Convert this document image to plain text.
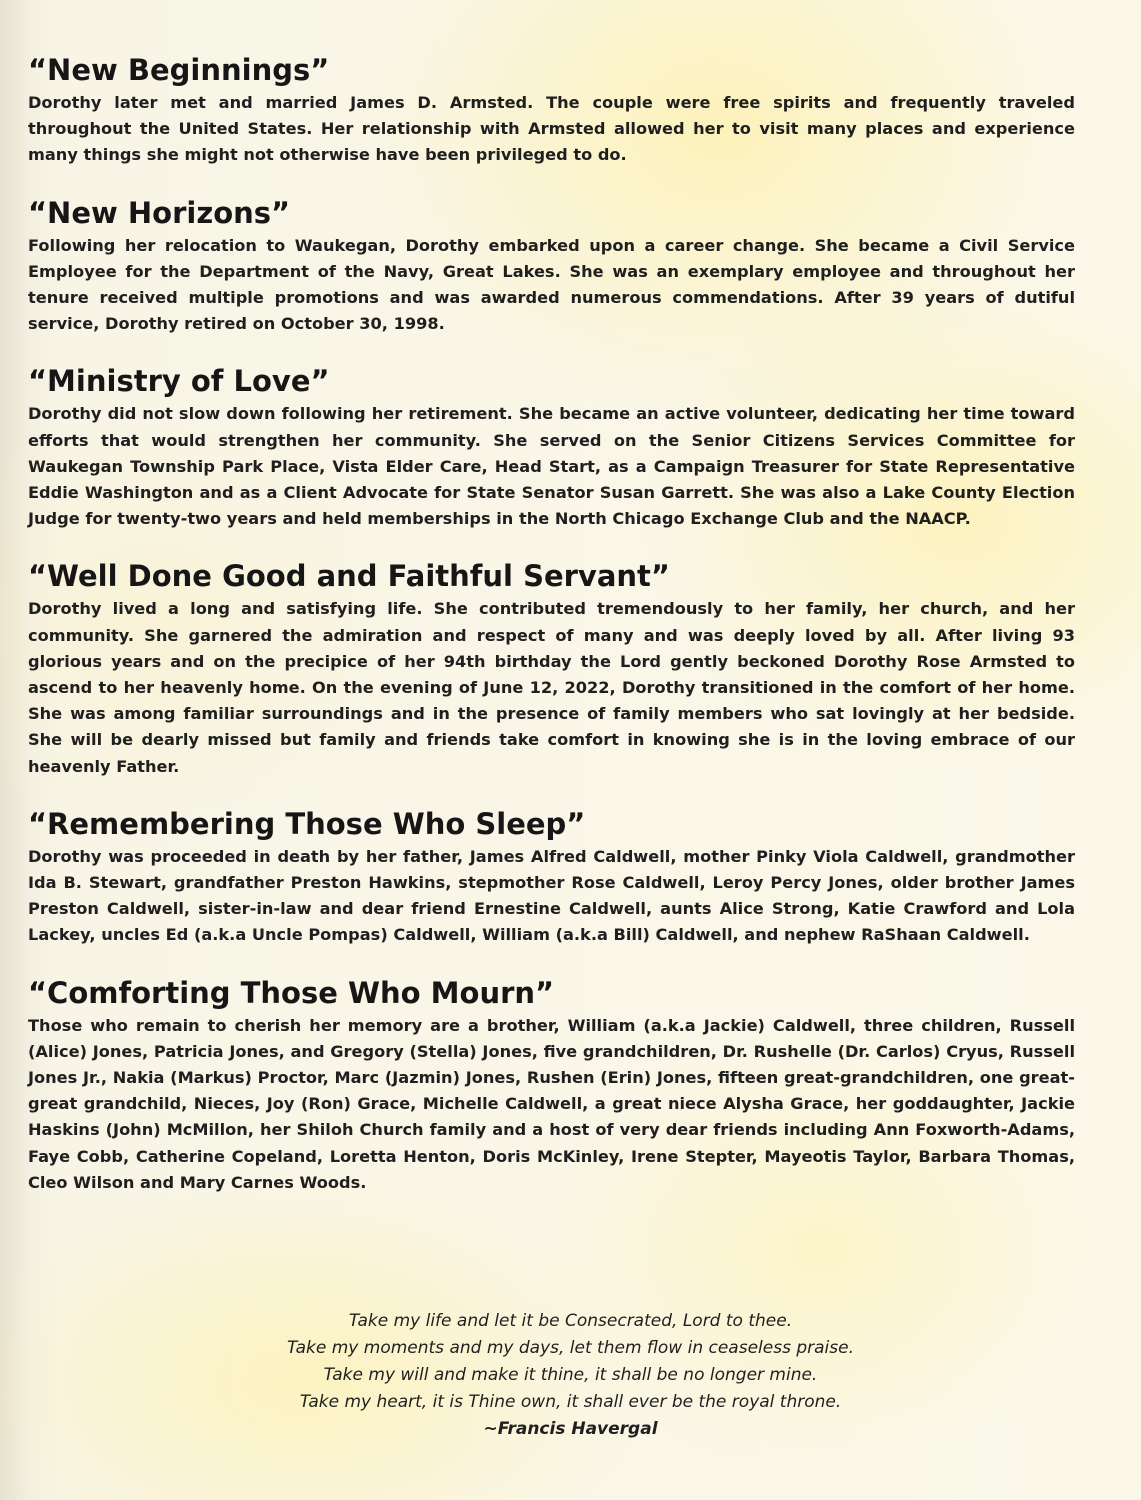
“New Beginnings”

Dorothy later met and married James D. Armsted. The couple were free spirits and frequently traveled throughout the United States. Her relationship with Armsted allowed her to visit many places and experience many things she might not otherwise have been privileged to do.

“New Horizons”

Following her relocation to Waukegan, Dorothy embarked upon a career change. She became a Civil Service Employee for the Department of the Navy, Great Lakes. She was an exemplary employee and throughout her tenure received multiple promotions and was awarded numerous commendations. After 39 years of dutiful service, Dorothy retired on October 30, 1998.

“Ministry of Love”

Dorothy did not slow down following her retirement. She became an active volunteer, dedicating her time toward efforts that would strengthen her community. She served on the Senior Citizens Services Committee for Waukegan Township Park Place, Vista Elder Care, Head Start, as a Campaign Treasurer for State Representative Eddie Washington and as a Client Advocate for State Senator Susan Garrett. She was also a Lake County Election Judge for twenty-two years and held memberships in the North Chicago Exchange Club and the NAACP.

“Well Done Good and Faithful Servant”

Dorothy lived a long and satisfying life. She contributed tremendously to her family, her church, and her community. She garnered the admiration and respect of many and was deeply loved by all. After living 93 glorious years and on the precipice of her 94th birthday the Lord gently beckoned Dorothy Rose Armsted to ascend to her heavenly home. On the evening of June 12, 2022, Dorothy transitioned in the comfort of her home. She was among familiar surroundings and in the presence of family members who sat lovingly at her bedside. She will be dearly missed but family and friends take comfort in knowing she is in the loving embrace of our heavenly Father.

“Remembering Those Who Sleep”

Dorothy was proceeded in death by her father, James Alfred Caldwell, mother Pinky Viola Caldwell, grandmother Ida B. Stewart, grandfather Preston Hawkins, stepmother Rose Caldwell, Leroy Percy Jones, older brother James Preston Caldwell, sister-in-law and dear friend Ernestine Caldwell, aunts Alice Strong, Katie Crawford and Lola Lackey, uncles Ed (a.k.a Uncle Pompas) Caldwell, William (a.k.a Bill) Caldwell, and nephew RaShaan Caldwell.

“Comforting Those Who Mourn”

Those who remain to cherish her memory are a brother, William (a.k.a Jackie) Caldwell, three children, Russell (Alice) Jones, Patricia Jones, and Gregory (Stella) Jones, five grandchildren, Dr. Rushelle (Dr. Carlos) Cryus, Russell Jones Jr., Nakia (Markus) Proctor, Marc (Jazmin) Jones, Rushen (Erin) Jones, fifteen great-grandchildren, one great-great grandchild, Nieces, Joy (Ron) Grace, Michelle Caldwell, a great niece Alysha Grace, her goddaughter, Jackie Haskins (John) McMillon, her Shiloh Church family and a host of very dear friends including Ann Foxworth-Adams, Faye Cobb, Catherine Copeland, Loretta Henton, Doris McKinley, Irene Stepter, Mayeotis Taylor, Barbara Thomas, Cleo Wilson and Mary Carnes Woods.

Take my life and let it be Consecrated, Lord to thee.
Take my moments and my days, let them flow in ceaseless praise.
Take my will and make it thine, it shall be no longer mine.
Take my heart, it is Thine own, it shall ever be the royal throne.
~Francis Havergal
